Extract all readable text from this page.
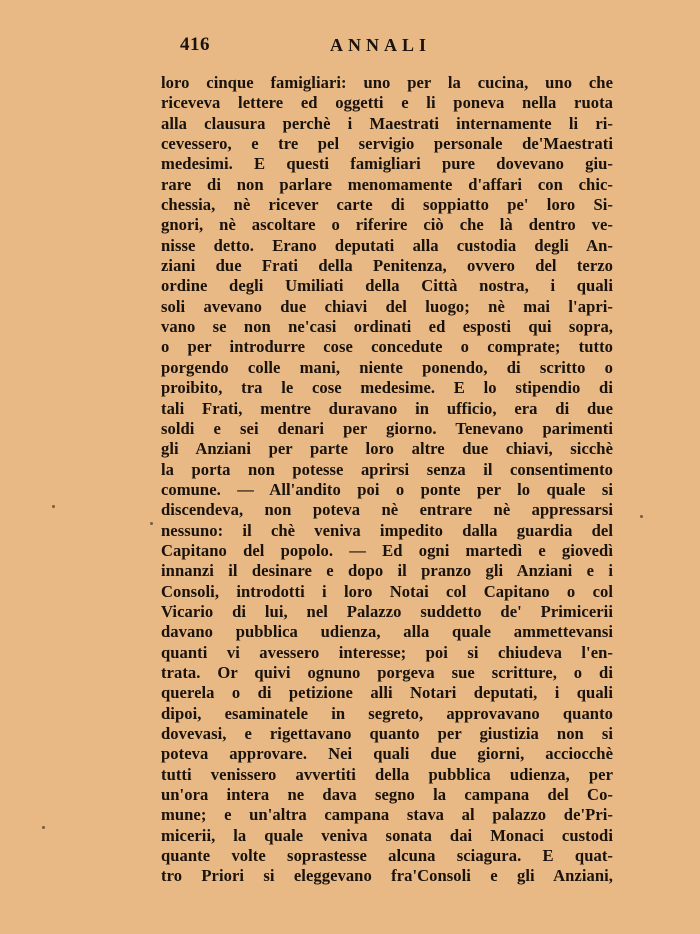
416	ANNALI
loro cinque famigliari: uno per la cucina, uno che
riceveva lettere ed oggetti e li poneva nella ruota
alla clausura perchè i Maestrati internamente li ri-
cevessero, e tre pel servigio personale de'Maestrati
medesimi. E questi famigliari pure dovevano giu-
rare di non parlare menomamente d'affari con chic-
chessia, nè ricever carte di soppiatto pe' loro Si-
gnori, nè ascoltare o riferire ciò che là dentro ve-
nisse detto. Erano deputati alla custodia degli An-
ziani due Frati della Penitenza, ovvero del terzo
ordine degli Umiliati della Città nostra, i quali
soli avevano due chiavi del luogo; nè mai l'apri-
vano se non ne'casi ordinati ed esposti qui sopra,
o per introdurre cose concedute o comprate; tutto
porgendo colle mani, niente ponendo, di scritto o
proibito, tra le cose medesime. E lo stipendio di
tali Frati, mentre duravano in ufficio, era di due
soldi e sei denari per giorno. Tenevano parimenti
gli Anziani per parte loro altre due chiavi, sicchè
la porta non potesse aprirsi senza il consentimento
comune. — All'andito poi o ponte per lo quale si
discendeva, non poteva nè entrare nè appressarsi
nessuno: il chè veniva impedito dalla guardia del
Capitano del popolo. — Ed ogni martedì e giovedì
innanzi il desinare e dopo il pranzo gli Anziani e i
Consoli, introdotti i loro Notai col Capitano o col
Vicario di lui, nel Palazzo suddetto de' Primicerii
davano pubblica udienza, alla quale ammettevansi
quanti vi avessero interesse; poi si chiudeva l'en-
trata. Or quivi ognuno porgeva sue scritture, o di
querela o di petizione alli Notari deputati, i quali
dipoi, esaminatele in segreto, approvavano quanto
dovevasi, e rigettavano quanto per giustizia non si
poteva approvare. Nei quali due giorni, acciocchè
tutti venissero avvertiti della pubblica udienza, per
un'ora intera ne dava segno la campana del Co-
mune; e un'altra campana stava al palazzo de'Pri-
micerii, la quale veniva sonata dai Monaci custodi
quante volte soprastesse alcuna sciagura. E quat-
tro Priori si eleggevano fra'Consoli e gli Anziani,
